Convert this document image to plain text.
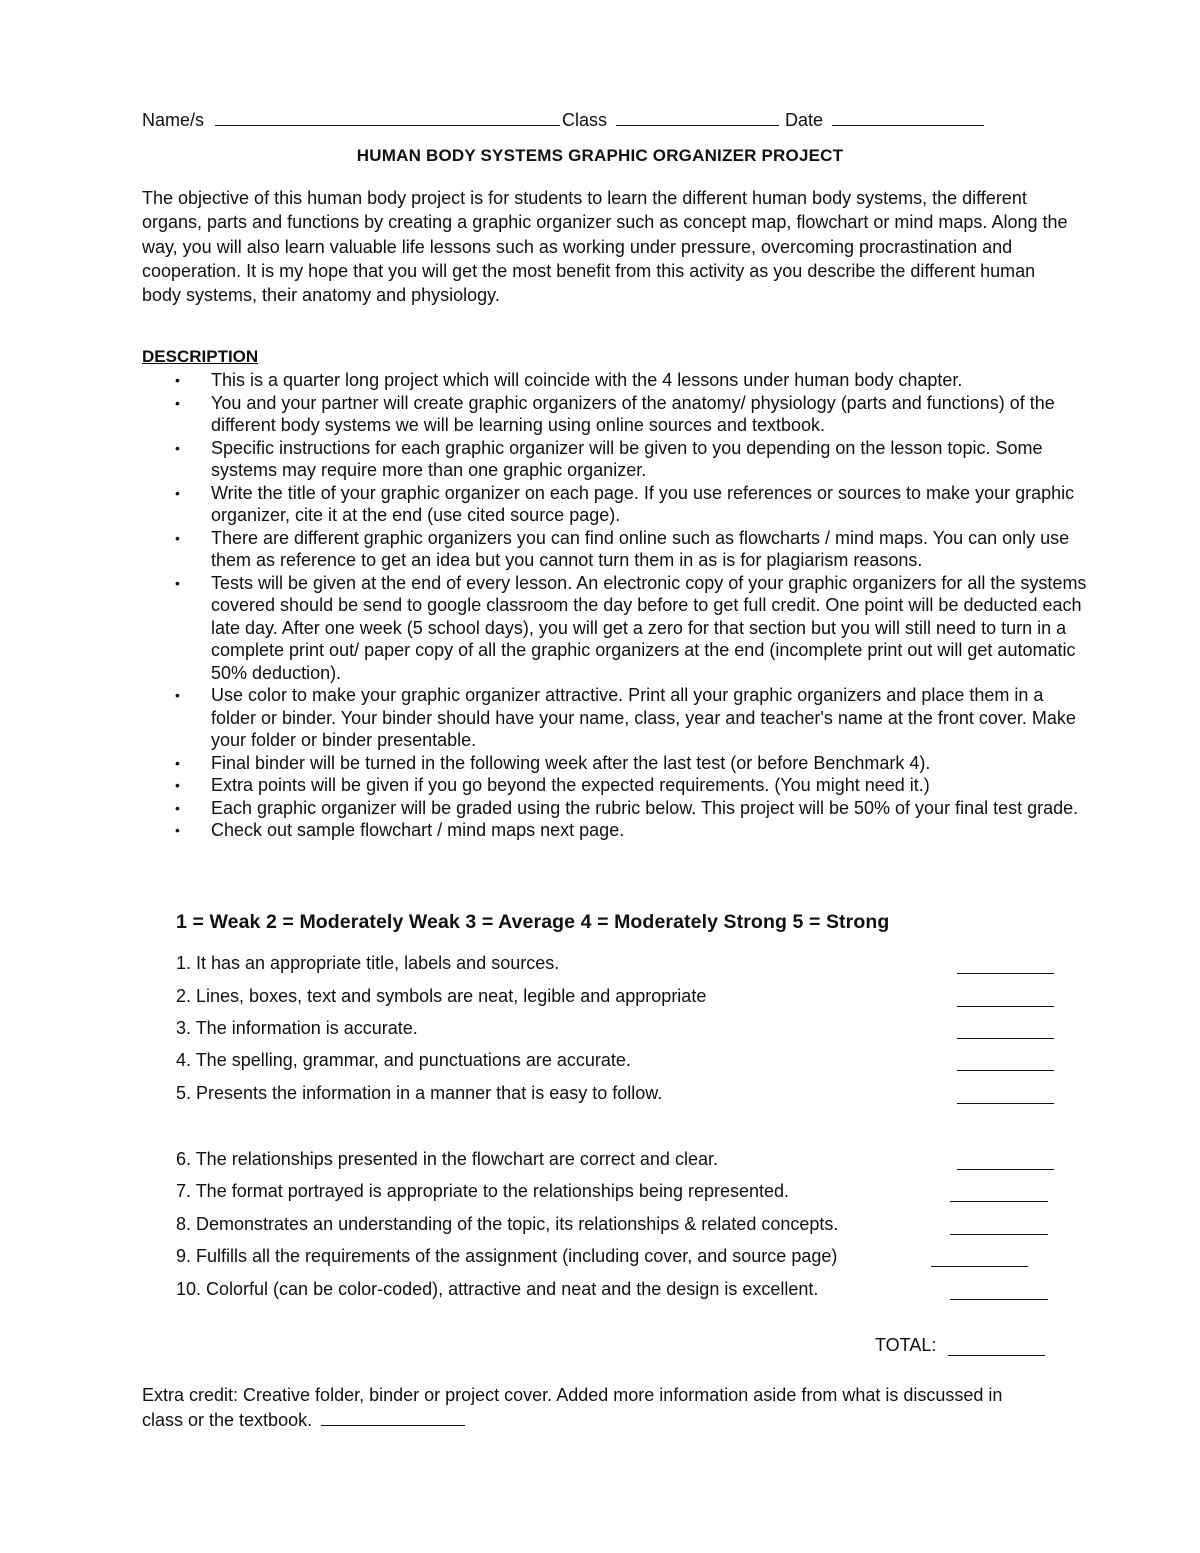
Name/s	Class	Date
HUMAN BODY SYSTEMS GRAPHIC ORGANIZER PROJECT

The objective of this human body project is for students to learn the different human body systems, the different organs, parts and functions by creating a graphic organizer such as concept map, flowchart or mind maps. Along the way, you will also learn valuable life lessons such as working under pressure, overcoming procrastination and cooperation. It is my hope that you will get the most benefit from this activity as you describe the different human body systems, their anatomy and physiology.

DESCRIPTION
• This is a quarter long project which will coincide with the 4 lessons under human body chapter.
• You and your partner will create graphic organizers of the anatomy/ physiology (parts and functions) of the different body systems we will be learning using online sources and textbook.
• Specific instructions for each graphic organizer will be given to you depending on the lesson topic. Some systems may require more than one graphic organizer.
• Write the title of your graphic organizer on each page. If you use references or sources to make your graphic organizer, cite it at the end (use cited source page).
• There are different graphic organizers you can find online such as flowcharts / mind maps. You can only use them as reference to get an idea but you cannot turn them in as is for plagiarism reasons.
• Tests will be given at the end of every lesson. An electronic copy of your graphic organizers for all the systems covered should be send to google classroom the day before to get full credit. One point will be deducted each late day. After one week (5 school days), you will get a zero for that section but you will still need to turn in a complete print out/ paper copy of all the graphic organizers at the end (incomplete print out will get automatic 50% deduction).
• Use color to make your graphic organizer attractive. Print all your graphic organizers and place them in a folder or binder. Your binder should have your name, class, year and teacher's name at the front cover. Make your folder or binder presentable.
• Final binder will be turned in the following week after the last test (or before Benchmark 4).
• Extra points will be given if you go beyond the expected requirements. (You might need it.)
• Each graphic organizer will be graded using the rubric below. This project will be 50% of your final test grade.
• Check out sample flowchart / mind maps next page.
1 = Weak 2 = Moderately Weak 3 = Average 4 = Moderately Strong 5 = Strong
1. It has an appropriate title, labels and sources.
2. Lines, boxes, text and symbols are neat, legible and appropriate
3. The information is accurate.
4. The spelling, grammar, and punctuations are accurate.
5. Presents the information in a manner that is easy to follow.
6. The relationships presented in the flowchart are correct and clear.
7. The format portrayed is appropriate to the relationships being represented.
8. Demonstrates an understanding of the topic, its relationships & related concepts.
9. Fulfills all the requirements of the assignment (including cover, and source page)
10. Colorful (can be color-coded), attractive and neat and the design is excellent.
TOTAL:
Extra credit: Creative folder, binder or project cover. Added more information aside from what is discussed in class or the textbook.
